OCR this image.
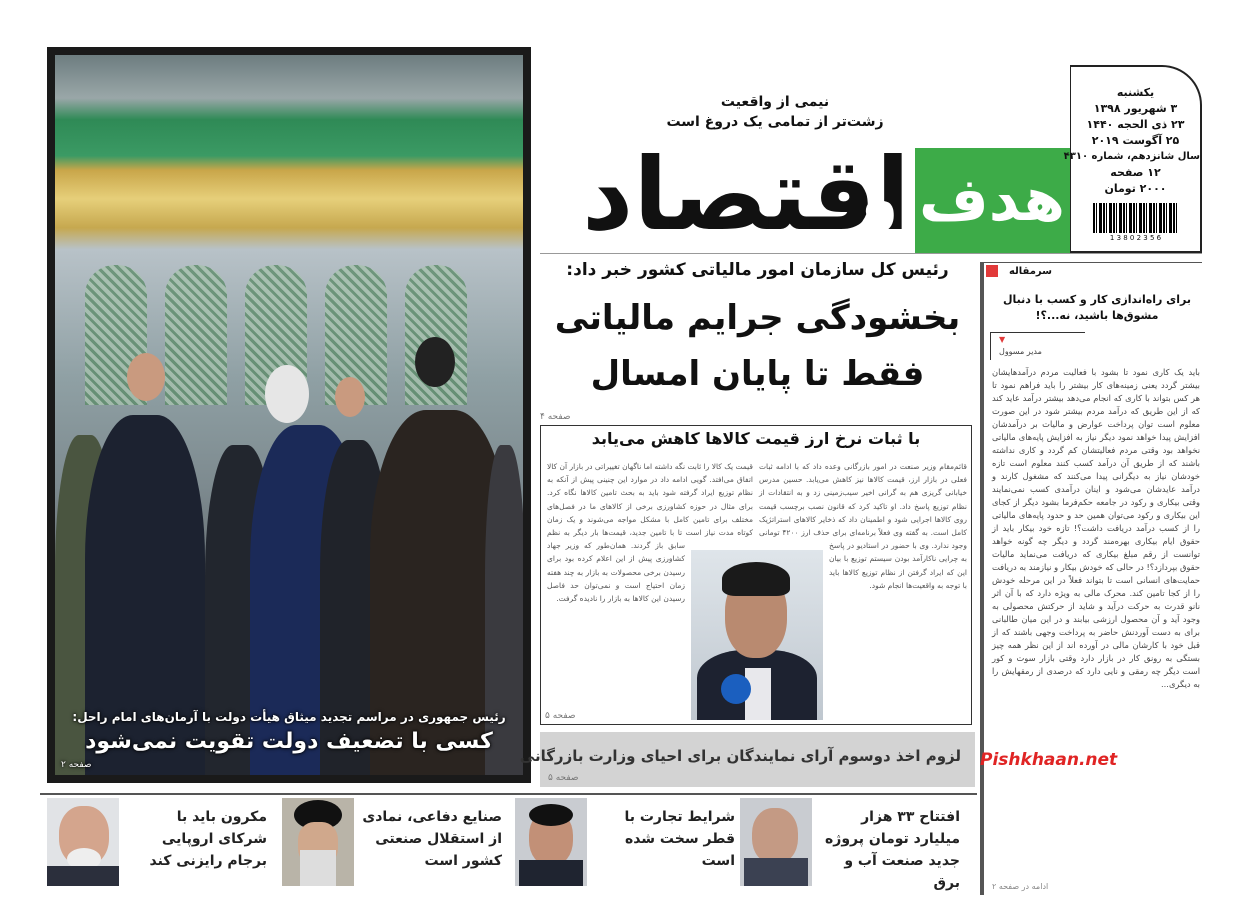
رئیس جمهوری در مراسم تجدید میثاق هیأت دولت با آرمان‌های امام راحل:
کسی با تضعیف دولت تقویت نمی‌شود
صفحه ۲
اقتصاد
هدف و
نیمی از واقعیت
زشت‌تر از تمامی یک دروغ است
یکشنبه
۳ شهریور ۱۳۹۸
۲۳ ذی الحجه ۱۴۴۰
۲۵ آگوست ۲۰۱۹
سال شانزدهم، شماره ۴۳۱۰
۱۲ صفحه
۲۰۰۰ تومان
1 3 8 0 2 3 5 6
رئیس کل سازمان امور مالیاتی کشور خبر داد:
بخشودگی جرایم مالیاتی
فقط تا پایان امسال
صفحه ۴
با ثبات نرخ ارز قیمت کالاها کاهش می‌یابد
قائم‌مقام وزیر صنعت در امور بازرگانی وعده داد که با ادامه ثبات فعلی در بازار ارز، قیمت کالاها نیز کاهش می‌یابد. حسین مدرس خیابانی گریزی هم به گرانی اخیر سیب‌زمینی زد و به انتقادات از نظام توزیع پاسخ داد. او تاکید کرد که قانون نصب برچسب قیمت روی کالاها اجرایی شود و اطمینان داد که ذخایر کالاهای استراتژیک کامل است. به گفته وی فعلاً برنامه‌ای برای حذف ارز ۴۲۰۰ تومانی وجود ندارد. وی با حضور در استادیو در پاسخ به چرایی ناکارآمد بودن سیستم توزیع با بیان این که ایراد گرفتن از نظام توزیع کالاها باید با توجه به واقعیت‌ها انجام شود.
قیمت یک کالا را ثابت نگه داشته اما ناگهان تغییراتی در بازار آن کالا اتفاق می‌افتد. گویی ادامه داد در موارد این چنینی پیش از آنکه به نظام توزیع ایراد گرفته شود باید به بحث تامین کالاها نگاه کرد. برای مثال در حوزه کشاورزی برخی از کالاهای ما در فصل‌های مختلف برای تامین کامل با مشکل مواجه می‌شوند و یک زمان کوتاه مدت نیاز است تا با تامین جدید، قیمت‌ها بار دیگر به نظم سابق باز گردند. همان‌طور که وزیر جهاد کشاورزی پیش از این اعلام کرده بود برای رسیدن برخی محصولات به بازار به چند هفته زمان احتیاج است و نمی‌توان حد فاصل رسیدن این کالاها به بازار را نادیده گرفت.
صفحه ۵
لزوم اخذ دوسوم آرای نمایندگان برای احیای وزارت بازرگانی
صفحه ۵
افتتاح ۳۳ هزار میلیارد تومان پروژه جدید صنعت آب و برق
شرایط تجارت با قطر سخت شده است
صنایع دفاعی، نمادی از استقلال صنعتی کشور است
مکرون باید با شرکای اروپایی برجام رایزنی کند
سرمقاله
برای راه‌اندازی کار و کسب با دنبال مشوق‌ها باشید، نه...؟!
▼
مدیر مسوول
باید یک کاری نمود تا بشود با فعالیت مردم درآمدهایشان بیشتر گردد یعنی زمینه‌های کار بیشتر را باید فراهم نمود تا هر کس بتواند با کاری که انجام می‌دهد بیشتر درآمد عاید کند که از این طریق که درآمد مردم بیشتر شود در این صورت معلوم است توان پرداخت عوارض و مالیات بر درآمدشان افزایش پیدا خواهد نمود دیگر نیاز به افزایش پایه‌های مالیاتی نخواهد بود وقتی مردم فعالیتشان کم گردد و کاری نداشته باشند که از طریق آن درآمد کسب کنند معلوم است تازه خودشان نیاز به دیگرانی پیدا می‌کنند که مشغول کارند و درآمد عایدشان می‌شود و اینان درآمدی کسب نمی‌نمایند وقتی بیکاری و رکود در جامعه حکم‌فرما بشود دیگر از کجای این بیکاری و رکود می‌توان همین حد و حدود پایه‌های مالیاتی را از کسب درآمد دریافت داشت؟! تازه خود بیکار باید از حقوق ایام بیکاری بهره‌مند گردد و دیگر چه گونه خواهد توانست از رقم مبلغ بیکاری که دریافت می‌نماید مالیات حقوق بپردازد؟! در حالی که خودش بیکار و نیازمند به دریافت حمایت‌های انسانی است تا بتواند فعلاً در این مرحله خودش را از کجا تامین کند. محرک مالی به ویژه دارد که با آن اثر نانو قدرت به حرکت درآید و شاید از حرکتش محصولی به وجود آید و آن محصول ارزشی بیابند و در این میان طالبانی برای به دست آوردنش حاضر به پرداخت وجهی باشند که از قبل خود با کارشان مالی در آورده اند از این نظر همه چیز بستگی به رونق کار در بازار دارد وقتی بازار سوت و کور است دیگر چه رمقی و نایی دارد که درصدی از رمقهایش را به دیگری...
ادامه در صفحه ۲
Pishkhaan.net
